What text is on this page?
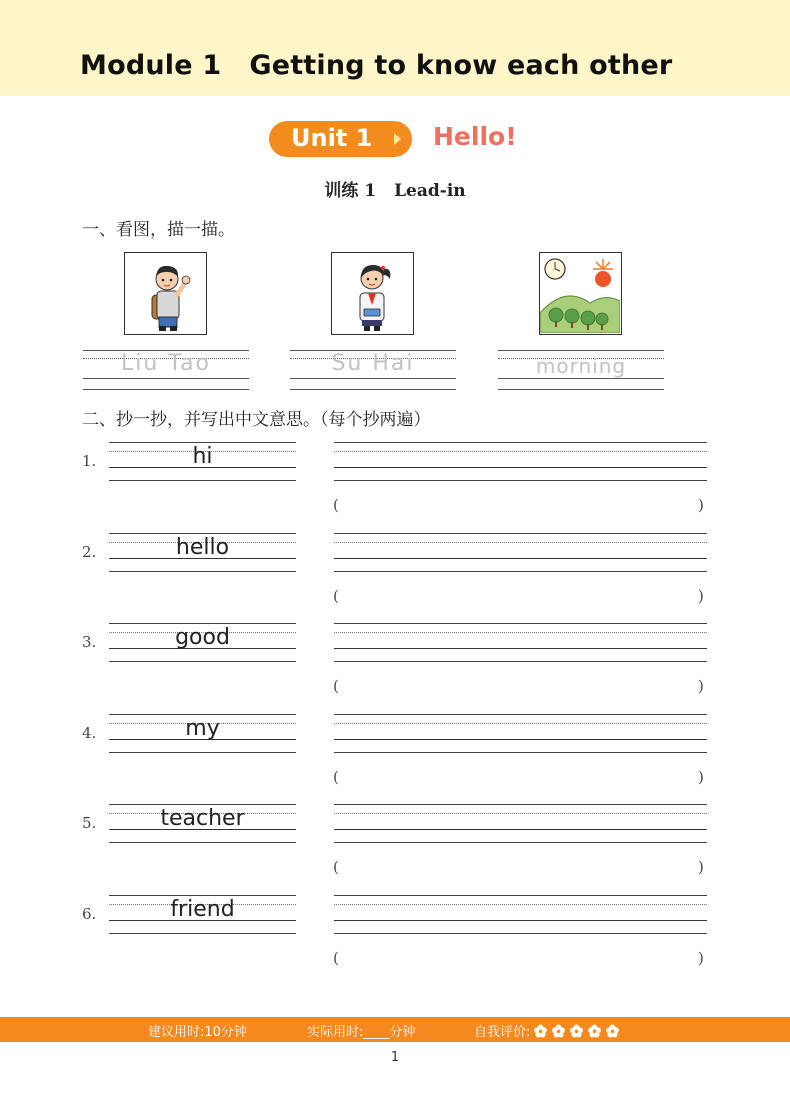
Module 1 Getting to know each other
Unit 1 Hello!
训练 1 Lead-in
一、看图，描一描。
Liu Tao	Su Hai	morning
二、抄一抄，并写出中文意思。（每个抄两遍）
1.	hi
(	)
2.	hello
(	)
3.	good
(	)
4.	my
(	)
5.	teacher
(	)
6.	friend
(	)
建议用时:10分钟	实际用时:____分钟	自我评价:
1
